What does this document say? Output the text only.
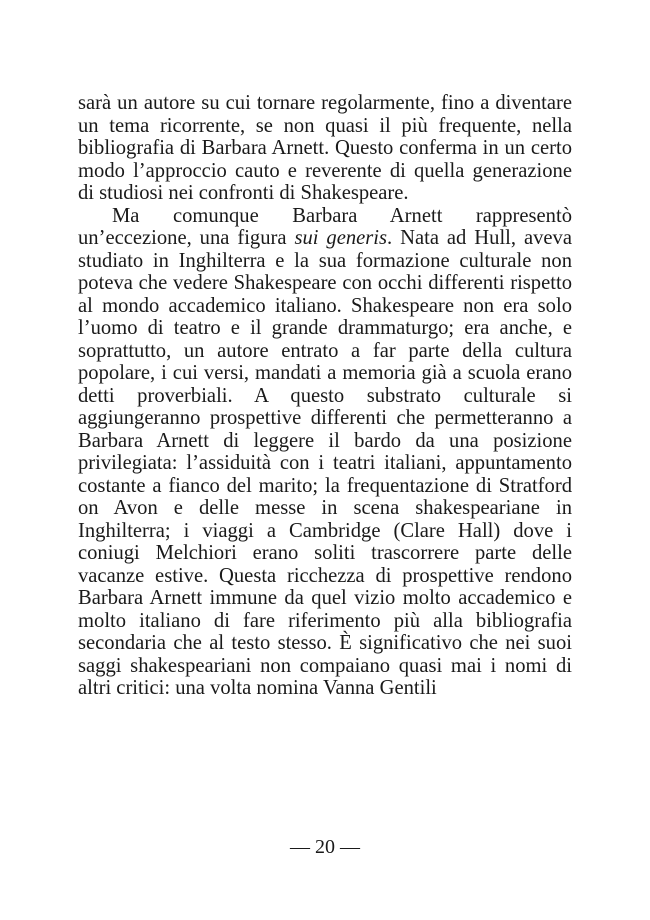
sarà un autore su cui tornare regolarmente, fino a diventare un tema ricorrente, se non quasi il più frequente, nella bibliografia di Barbara Arnett. Questo conferma in un certo modo l’approccio cauto e reverente di quella generazione di studiosi nei confronti di Shakespeare.

Ma comunque Barbara Arnett rappresentò un’eccezione, una figura sui generis. Nata ad Hull, aveva studiato in Inghilterra e la sua formazione culturale non poteva che vedere Shakespeare con occhi differenti rispetto al mondo accademico italiano. Shakespeare non era solo l’uomo di teatro e il grande drammaturgo; era anche, e soprattutto, un autore entrato a far parte della cultura popolare, i cui versi, mandati a memoria già a scuola erano detti proverbiali. A questo substrato culturale si aggiungeranno prospettive differenti che permetteranno a Barbara Arnett di leggere il bardo da una posizione privilegiata: l’assiduità con i teatri italiani, appuntamento costante a fianco del marito; la frequentazione di Stratford on Avon e delle messe in scena shakespeariane in Inghilterra; i viaggi a Cambridge (Clare Hall) dove i coniugi Melchiori erano soliti trascorrere parte delle vacanze estive. Questa ricchezza di prospettive rendono Barbara Arnett immune da quel vizio molto accademico e molto italiano di fare riferimento più alla bibliografia secondaria che al testo stesso. È significativo che nei suoi saggi shakespeariani non compaiano quasi mai i nomi di altri critici: una volta nomina Vanna Gentili

— 20 —
